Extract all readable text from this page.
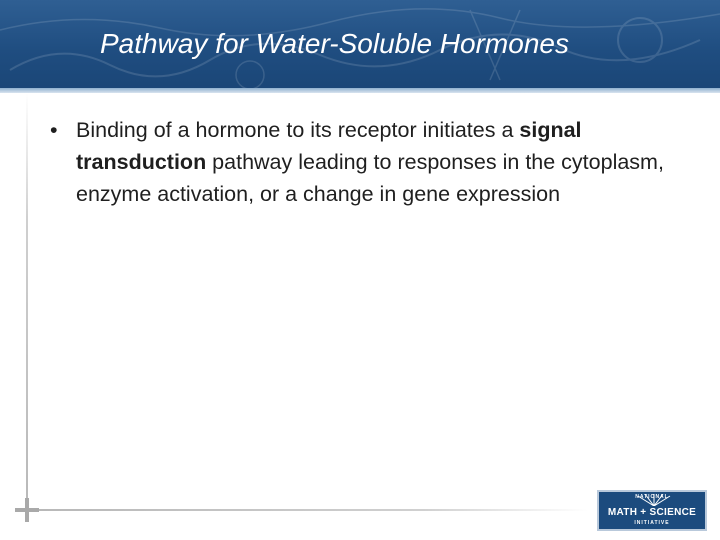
Pathway for Water-Soluble Hormones

• Binding of a hormone to its receptor initiates a signal transduction pathway leading to responses in the cytoplasm, enzyme activation, or a change in gene expression

NATIONAL
MATH + SCIENCE
INITIATIVE
